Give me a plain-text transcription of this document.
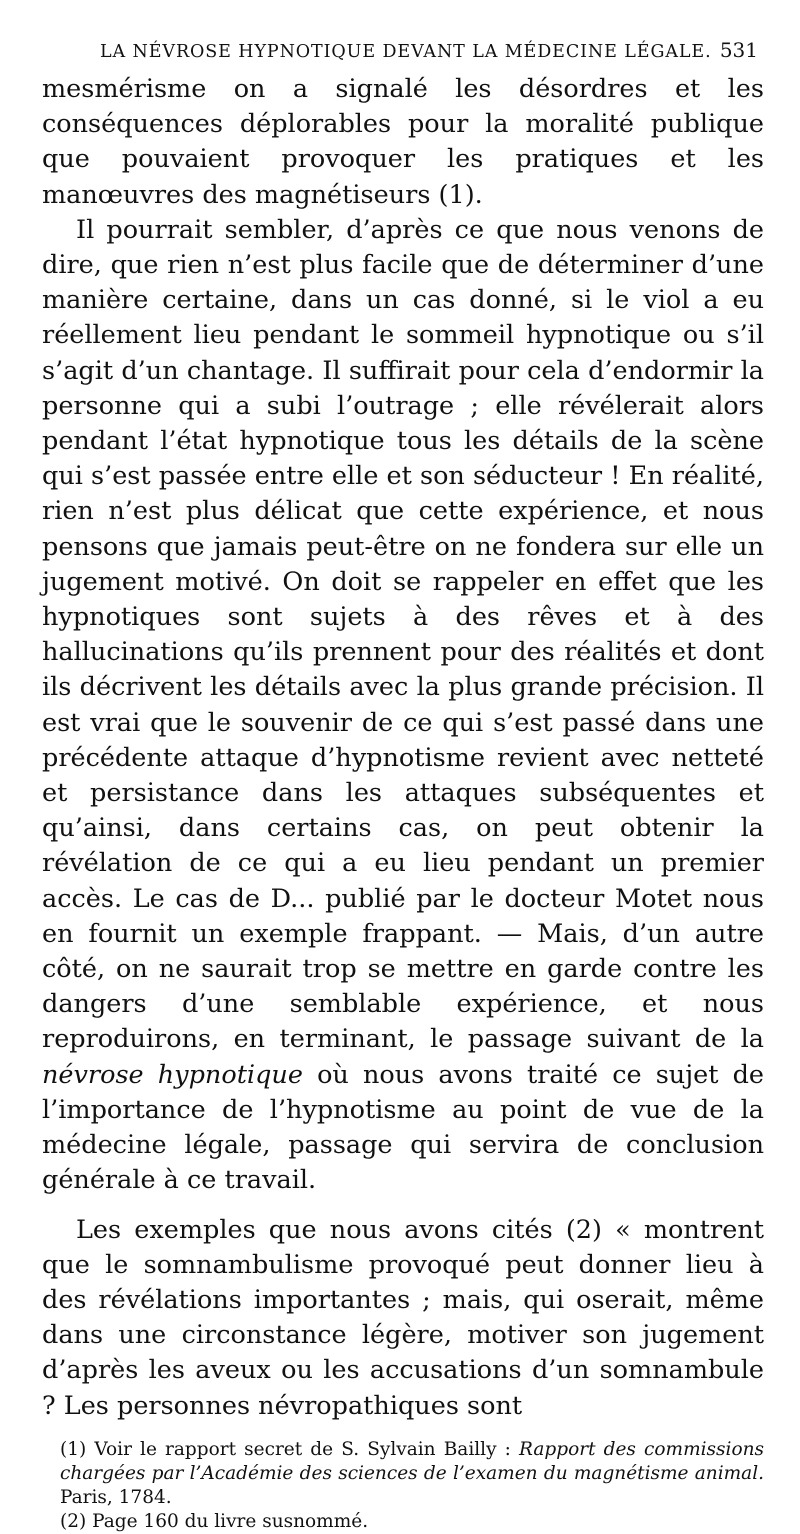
LA NÉVROSE HYPNOTIQUE DEVANT LA MÉDECINE LÉGALE. 531

mesmérisme on a signalé les désordres et les conséquences déplorables pour la moralité publique que pouvaient provoquer les pratiques et les manœuvres des magnétiseurs (1).

Il pourrait sembler, d’après ce que nous venons de dire, que rien n’est plus facile que de déterminer d’une manière certaine, dans un cas donné, si le viol a eu réellement lieu pendant le sommeil hypnotique ou s’il s’agit d’un chantage. Il suffirait pour cela d’endormir la personne qui a subi l’outrage ; elle révélerait alors pendant l’état hypnotique tous les détails de la scène qui s’est passée entre elle et son séducteur ! En réalité, rien n’est plus délicat que cette expérience, et nous pensons que jamais peut-être on ne fondera sur elle un jugement motivé. On doit se rappeler en effet que les hypnotiques sont sujets à des rêves et à des hallucinations qu’ils prennent pour des réalités et dont ils décrivent les détails avec la plus grande précision. Il est vrai que le souvenir de ce qui s’est passé dans une précédente attaque d’hypnotisme revient avec netteté et persistance dans les attaques subséquentes et qu’ainsi, dans certains cas, on peut obtenir la révélation de ce qui a eu lieu pendant un premier accès. Le cas de D... publié par le docteur Motet nous en fournit un exemple frappant. — Mais, d’un autre côté, on ne saurait trop se mettre en garde contre les dangers d’une semblable expérience, et nous reproduirons, en terminant, le passage suivant de la névrose hypnotique où nous avons traité ce sujet de l’importance de l’hypnotisme au point de vue de la médecine légale, passage qui servira de conclusion générale à ce travail.

Les exemples que nous avons cités (2) « montrent que le somnambulisme provoqué peut donner lieu à des révélations importantes ; mais, qui oserait, même dans une circonstance légère, motiver son jugement d’après les aveux ou les accusations d’un somnambule ? Les personnes névropathiques sont

(1) Voir le rapport secret de S. Sylvain Bailly : Rapport des commissions chargées par l’Académie des sciences de l’examen du magnétisme animal. Paris, 1784.

(2) Page 160 du livre susnommé.
